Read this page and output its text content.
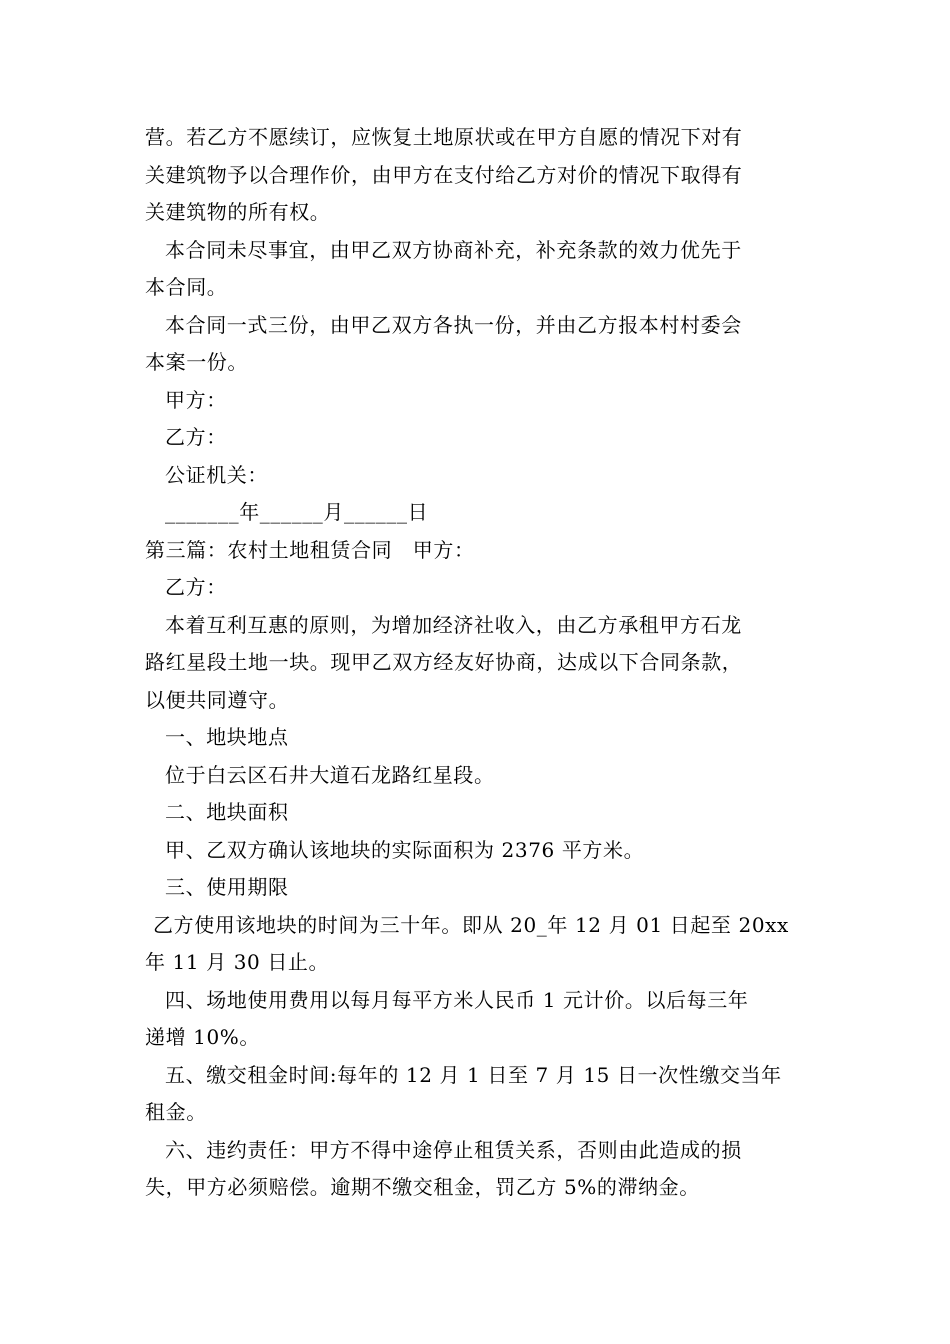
营。若乙方不愿续订，应恢复土地原状或在甲方自愿的情况下对有
关建筑物予以合理作价，由甲方在支付给乙方对价的情况下取得有
关建筑物的所有权。
本合同未尽事宜，由甲乙双方协商补充，补充条款的效力优先于
本合同。
本合同一式三份，由甲乙双方各执一份，并由乙方报本村村委会
本案一份。
甲方：
乙方：
公证机关：
_______年______月______日
第三篇：农村土地租赁合同　甲方：
乙方：
本着互利互惠的原则，为增加经济社收入，由乙方承租甲方石龙
路红星段土地一块。现甲乙双方经友好协商，达成以下合同条款，
以便共同遵守。
一、地块地点
位于白云区石井大道石龙路红星段。
二、地块面积
甲、乙双方确认该地块的实际面积为 2376 平方米。
三、使用期限
乙方使用该地块的时间为三十年。即从 20_年 12 月 01 日起至 20xx
年 11 月 30 日止。
四、场地使用费用以每月每平方米人民币 1 元计价。以后每三年
递增 10%。
五、缴交租金时间:每年的 12 月 1 日至 7 月 15 日一次性缴交当年
租金。
六、违约责任：甲方不得中途停止租赁关系，否则由此造成的损
失，甲方必须赔偿。逾期不缴交租金，罚乙方 5%的滞纳金。
